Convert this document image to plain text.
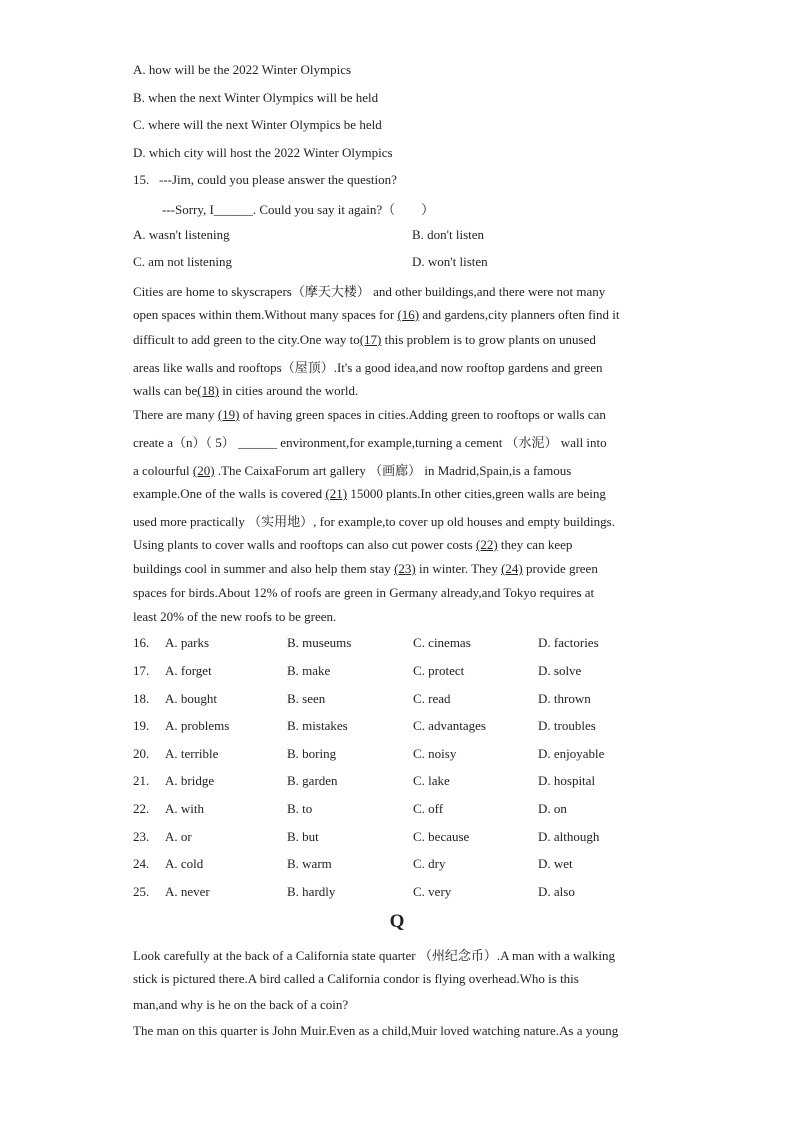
A. how will be the 2022 Winter Olympics
B. when the next Winter Olympics will be held
C. where will the next Winter Olympics be held
D. which city will host the 2022 Winter Olympics
15. ---Jim, could you please answer the question?
---Sorry, I______. Could you say it again?（　　）
A. wasn't listening	B. don't listen
C. am not listening	D. won't listen
Cities are home to skyscrapers（摩天大楼） and other buildings,and there were not many
open spaces within them.Without many spaces for (16) and gardens,city planners often find it
difficult to add green to the city.One way to(17) this problem is to grow plants on unused
areas like walls and rooftops（屋顶）.It's a good idea,and now rooftop gardens and green
walls can be(18) in cities around the world.
There are many (19) of having green spaces in cities.Adding green to rooftops or walls can
create a（n）（ 5） ______ environment,for example,turning a cement （水泥） wall into
a colourful (20) .The CaixaForum art gallery （画廊） in Madrid,Spain,is a famous
example.One of the walls is covered (21) 15000 plants.In other cities,green walls are being
used more practically （实用地）, for example,to cover up old houses and empty buildings.
Using plants to cover walls and rooftops can also cut power costs (22) they can keep
buildings cool in summer and also help them stay (23) in winter. They (24) provide green
spaces for birds.About 12% of roofs are green in Germany already,and Tokyo requires at
least 20% of the new roofs to be green.
16. A. parks	B. museums	C. cinemas	D. factories
17. A. forget	B. make	C. protect	D. solve
18. A. bought	B. seen	C. read	D. thrown
19. A. problems	B. mistakes	C. advantages	D. troubles
20. A. terrible	B. boring	C. noisy	D. enjoyable
21. A. bridge	B. garden	C. lake	D. hospital
22. A. with	B. to	C. off	D. on
23. A. or	B. but	C. because	D. although
24. A. cold	B. warm	C. dry	D. wet
25. A. never	B. hardly	C. very	D. also
Q
Look carefully at the back of a California state quarter （州纪念币）.A man with a walking
stick is pictured there.A bird called a California condor is flying overhead.Who is this
man,and why is he on the back of a coin?
The man on this quarter is John Muir.Even as a child,Muir loved watching nature.As a young
